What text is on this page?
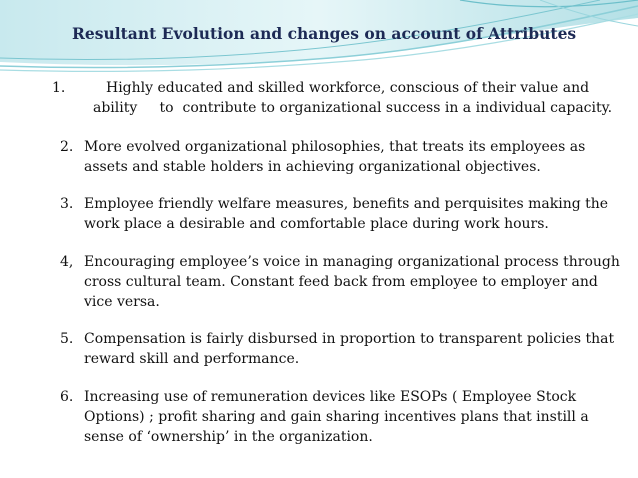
Resultant Evolution and changes on account of Attributes
1.	Highly educated and skilled workforce, conscious of their value and
ability     to  contribute to organizational success in a individual capacity.
2. More evolved organizational philosophies, that treats its employees as
assets and stable holders in achieving organizational objectives.
3. Employee friendly welfare measures, benefits and perquisites making the
work place a desirable and comfortable place during work hours.
4, Encouraging employee’s voice in managing organizational process through
cross cultural team. Constant feed back from employee to employer and
vice versa.
5. Compensation is fairly disbursed in proportion to transparent policies that
reward skill and performance.
6. Increasing use of remuneration devices like ESOPs ( Employee Stock
Options) ; profit sharing and gain sharing incentives plans that instill a
sense of ‘ownership’ in the organization.
